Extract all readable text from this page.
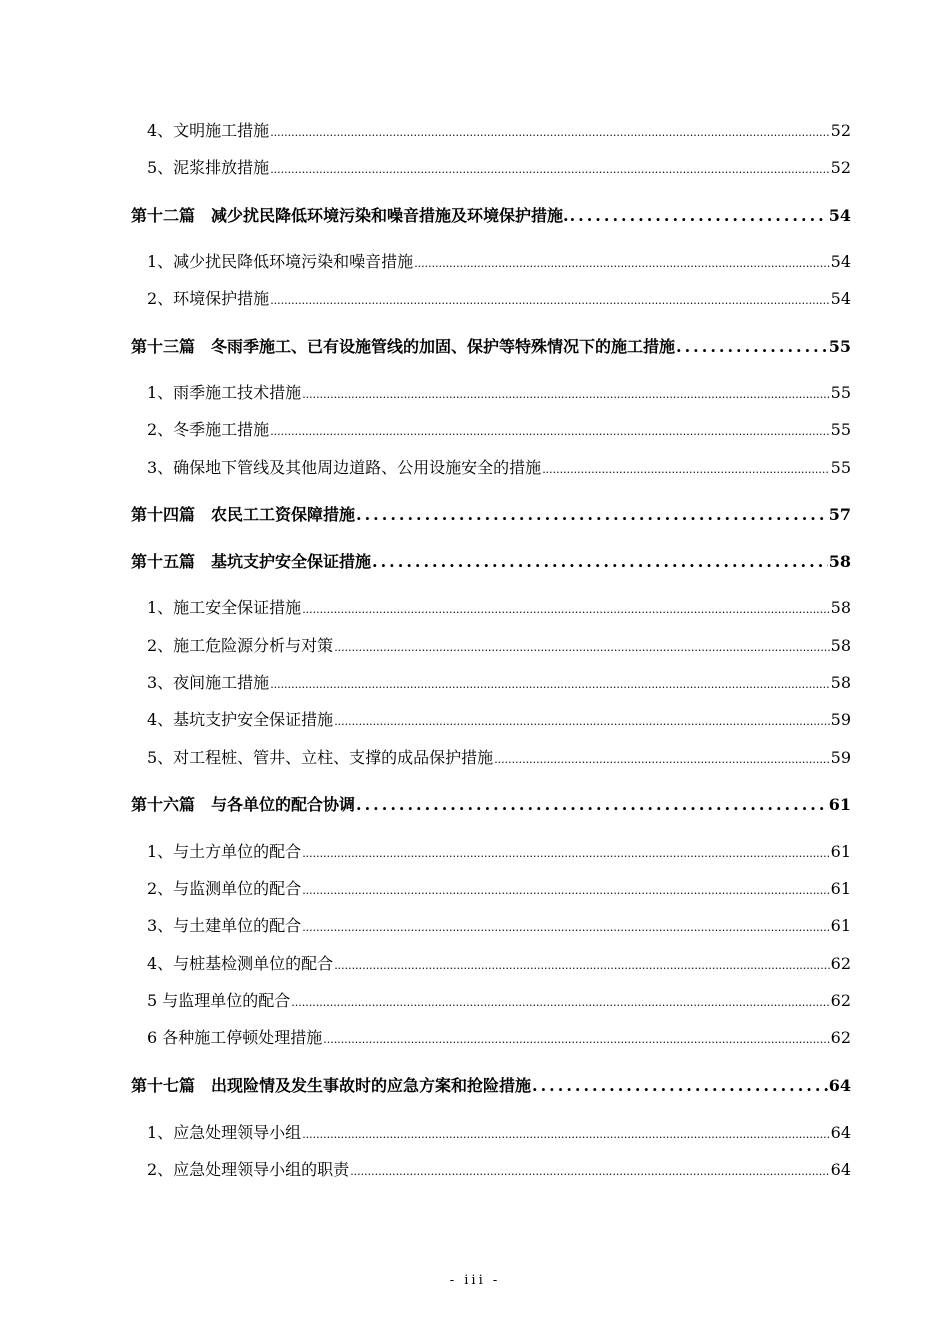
4、文明施工措施 .....	52
5、泥浆排放措施 .....	52
第十二篇 减少扰民降低环境污染和噪音措施及环境保护措施. .....	54
1、减少扰民降低环境污染和噪音措施 .....	54
2、环境保护措施 .....	54
第十三篇 冬雨季施工、已有设施管线的加固、保护等特殊情况下的施工措施 .....	55
1、雨季施工技术措施 .....	55
2、冬季施工措施 .....	55
3、确保地下管线及其他周边道路、公用设施安全的措施 .....	55
第十四篇 农民工工资保障措施 .....	57
第十五篇 基坑支护安全保证措施 .....	58
1、施工安全保证措施 .....	58
2、施工危险源分析与对策 .....	58
3、夜间施工措施 .....	58
4、基坑支护安全保证措施 .....	59
5、对工程桩、管井、立柱、支撑的成品保护措施 .....	59
第十六篇 与各单位的配合协调 .....	61
1、与土方单位的配合 .....	61
2、与监测单位的配合 .....	61
3、与土建单位的配合 .....	61
4、与桩基检测单位的配合 .....	62
5 与监理单位的配合 .....	62
6 各种施工停顿处理措施 .....	62
第十七篇 出现险情及发生事故时的应急方案和抢险措施 .....	64
1、应急处理领导小组 .....	64
2、应急处理领导小组的职责 .....	64
- iii -
